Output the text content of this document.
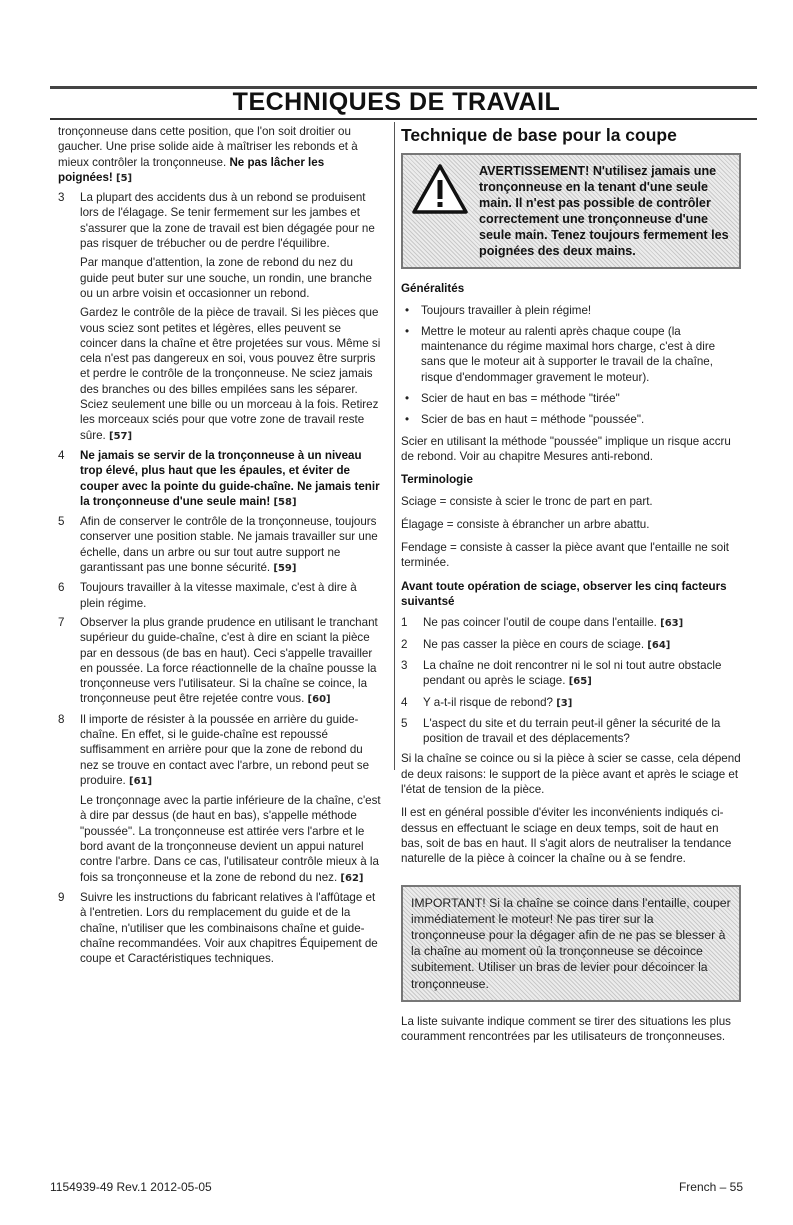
TECHNIQUES DE TRAVAIL

tronçonneuse dans cette position, que l'on soit droitier ou gaucher. Une prise solide aide à maîtriser les rebonds et à mieux contrôler la tronçonneuse. Ne pas lâcher les poignées! [5]

3 La plupart des accidents dus à un rebond se produisent lors de l'élagage. Se tenir fermement sur les jambes et s'assurer que la zone de travail est bien dégagée pour ne pas risquer de trébucher ou de perdre l'équilibre.

Par manque d'attention, la zone de rebond du nez du guide peut buter sur une souche, un rondin, une branche ou un arbre voisin et occasionner un rebond.

Gardez le contrôle de la pièce de travail. Si les pièces que vous sciez sont petites et légères, elles peuvent se coincer dans la chaîne et être projetées sur vous. Même si cela n'est pas dangereux en soi, vous pouvez être surpris et perdre le contrôle de la tronçonneuse. Ne sciez jamais des branches ou des billes empilées sans les séparer. Sciez seulement une bille ou un morceau à la fois. Retirez les morceaux sciés pour que votre zone de travail reste sûre. [57]

4 Ne jamais se servir de la tronçonneuse à un niveau trop élevé, plus haut que les épaules, et éviter de couper avec la pointe du guide-chaîne. Ne jamais tenir la tronçonneuse d'une seule main! [58]
5 Afin de conserver le contrôle de la tronçonneuse, toujours conserver une position stable. Ne jamais travailler sur une échelle, dans un arbre ou sur tout autre support ne garantissant pas une bonne sécurité. [59]
6 Toujours travailler à la vitesse maximale, c'est à dire à plein régime.
7 Observer la plus grande prudence en utilisant le tranchant supérieur du guide-chaîne, c'est à dire en sciant la pièce par en dessous (de bas en haut). Ceci s'appelle travailler en poussée. La force réactionnelle de la chaîne pousse la tronçonneuse vers l'utilisateur. Si la chaîne se coince, la tronçonneuse peut être rejetée contre vous. [60]
8 Il importe de résister à la poussée en arrière du guide-chaîne. En effet, si le guide-chaîne est repoussé suffisamment en arrière pour que la zone de rebond du nez se trouve en contact avec l'arbre, un rebond peut se produire. [61]

Le tronçonnage avec la partie inférieure de la chaîne, c'est à dire par dessus (de haut en bas), s'appelle méthode "poussée". La tronçonneuse est attirée vers l'arbre et le bord avant de la tronçonneuse devient un appui naturel contre l'arbre. Dans ce cas, l'utilisateur contrôle mieux à la fois sa tronçonneuse et la zone de rebond du nez. [62]

9 Suivre les instructions du fabricant relatives à l'affûtage et à l'entretien. Lors du remplacement du guide et de la chaîne, n'utiliser que les combinaisons chaîne et guide-chaîne recommandées. Voir aux chapitres Équipement de coupe et Caractéristiques techniques.
Technique de base pour la coupe
AVERTISSEMENT! N'utilisez jamais une tronçonneuse en la tenant d'une seule main. Il n'est pas possible de contrôler correctement une tronçonneuse d'une seule main. Tenez toujours fermement les poignées des deux mains.
Généralités
• Toujours travailler à plein régime!
• Mettre le moteur au ralenti après chaque coupe (la maintenance du régime maximal hors charge, c'est à dire sans que le moteur ait à supporter le travail de la chaîne, risque d'endommager gravement le moteur).
• Scier de haut en bas = méthode "tirée"
• Scier de bas en haut = méthode "poussée".

Scier en utilisant la méthode "poussée" implique un risque accru de rebond. Voir au chapitre Mesures anti-rebond.

Terminologie

Sciage = consiste à scier le tronc de part en part.

Élagage = consiste à ébrancher un arbre abattu.

Fendage = consiste à casser la pièce avant que l'entaille ne soit terminée.

Avant toute opération de sciage, observer les cinq facteurs suivantsé
1 Ne pas coincer l'outil de coupe dans l'entaille. [63]
2 Ne pas casser la pièce en cours de sciage. [64]
3 La chaîne ne doit rencontrer ni le sol ni tout autre obstacle pendant ou après le sciage. [65]
4 Y a-t-il risque de rebond? [3]
5 L'aspect du site et du terrain peut-il gêner la sécurité de la position de travail et des déplacements?

Si la chaîne se coince ou si la pièce à scier se casse, cela dépend de deux raisons: le support de la pièce avant et après le sciage et l'état de tension de la pièce.

Il est en général possible d'éviter les inconvénients indiqués ci-dessus en effectuant le sciage en deux temps, soit de haut en bas, soit de bas en haut. Il s'agit alors de neutraliser la tendance naturelle de la pièce à coincer la chaîne ou à se fendre.

IMPORTANT! Si la chaîne se coince dans l'entaille, couper immédiatement le moteur! Ne pas tirer sur la tronçonneuse pour la dégager afin de ne pas se blesser à la chaîne au moment où la tronçonneuse se décoince subitement. Utiliser un bras de levier pour décoincer la tronçonneuse.

La liste suivante indique comment se tirer des situations les plus couramment rencontrées par les utilisateurs de tronçonneuses.

1154939-49 Rev.1 2012-05-05	French – 55
